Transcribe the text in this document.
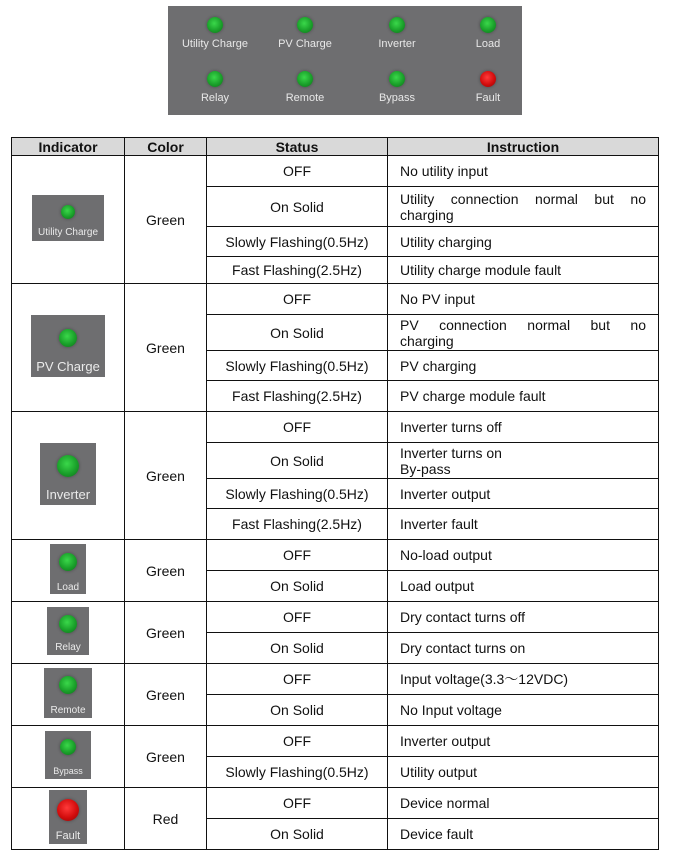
Utility Charge	PV Charge	Inverter	Load
Relay	Remote	Bypass	Fault
Indicator	Color	Status	Instruction

Utility Charge	Green	OFF	No utility input
		On Solid	Utility connection normal but no
charging

		Slowly Flashing(0.5Hz)	Utility charging
		Fast Flashing(2.5Hz)	Utility charge module fault

PV Charge	Green	OFF	No PV input
		On Solid	PV connection normal but no
charging

		Slowly Flashing(0.5Hz)	PV charging
		Fast Flashing(2.5Hz)	PV charge module fault

Inverter	Green	OFF	Inverter turns off
		On Solid	Inverter turns on
By-pass

		Slowly Flashing(0.5Hz)	Inverter output
		Fast Flashing(2.5Hz)	Inverter fault

Load	Green	OFF	No-load output
		On Solid	Load output

Relay	Green	OFF	Dry contact turns off
		On Solid	Dry contact turns on

Remote	Green	OFF	Input voltage(3.3～12VDC)
		On Solid	No Input voltage

Bypass	Green	OFF	Inverter output
		Slowly Flashing(0.5Hz)	Utility output

Fault	Red	OFF	Device normal
		On Solid	Device fault
